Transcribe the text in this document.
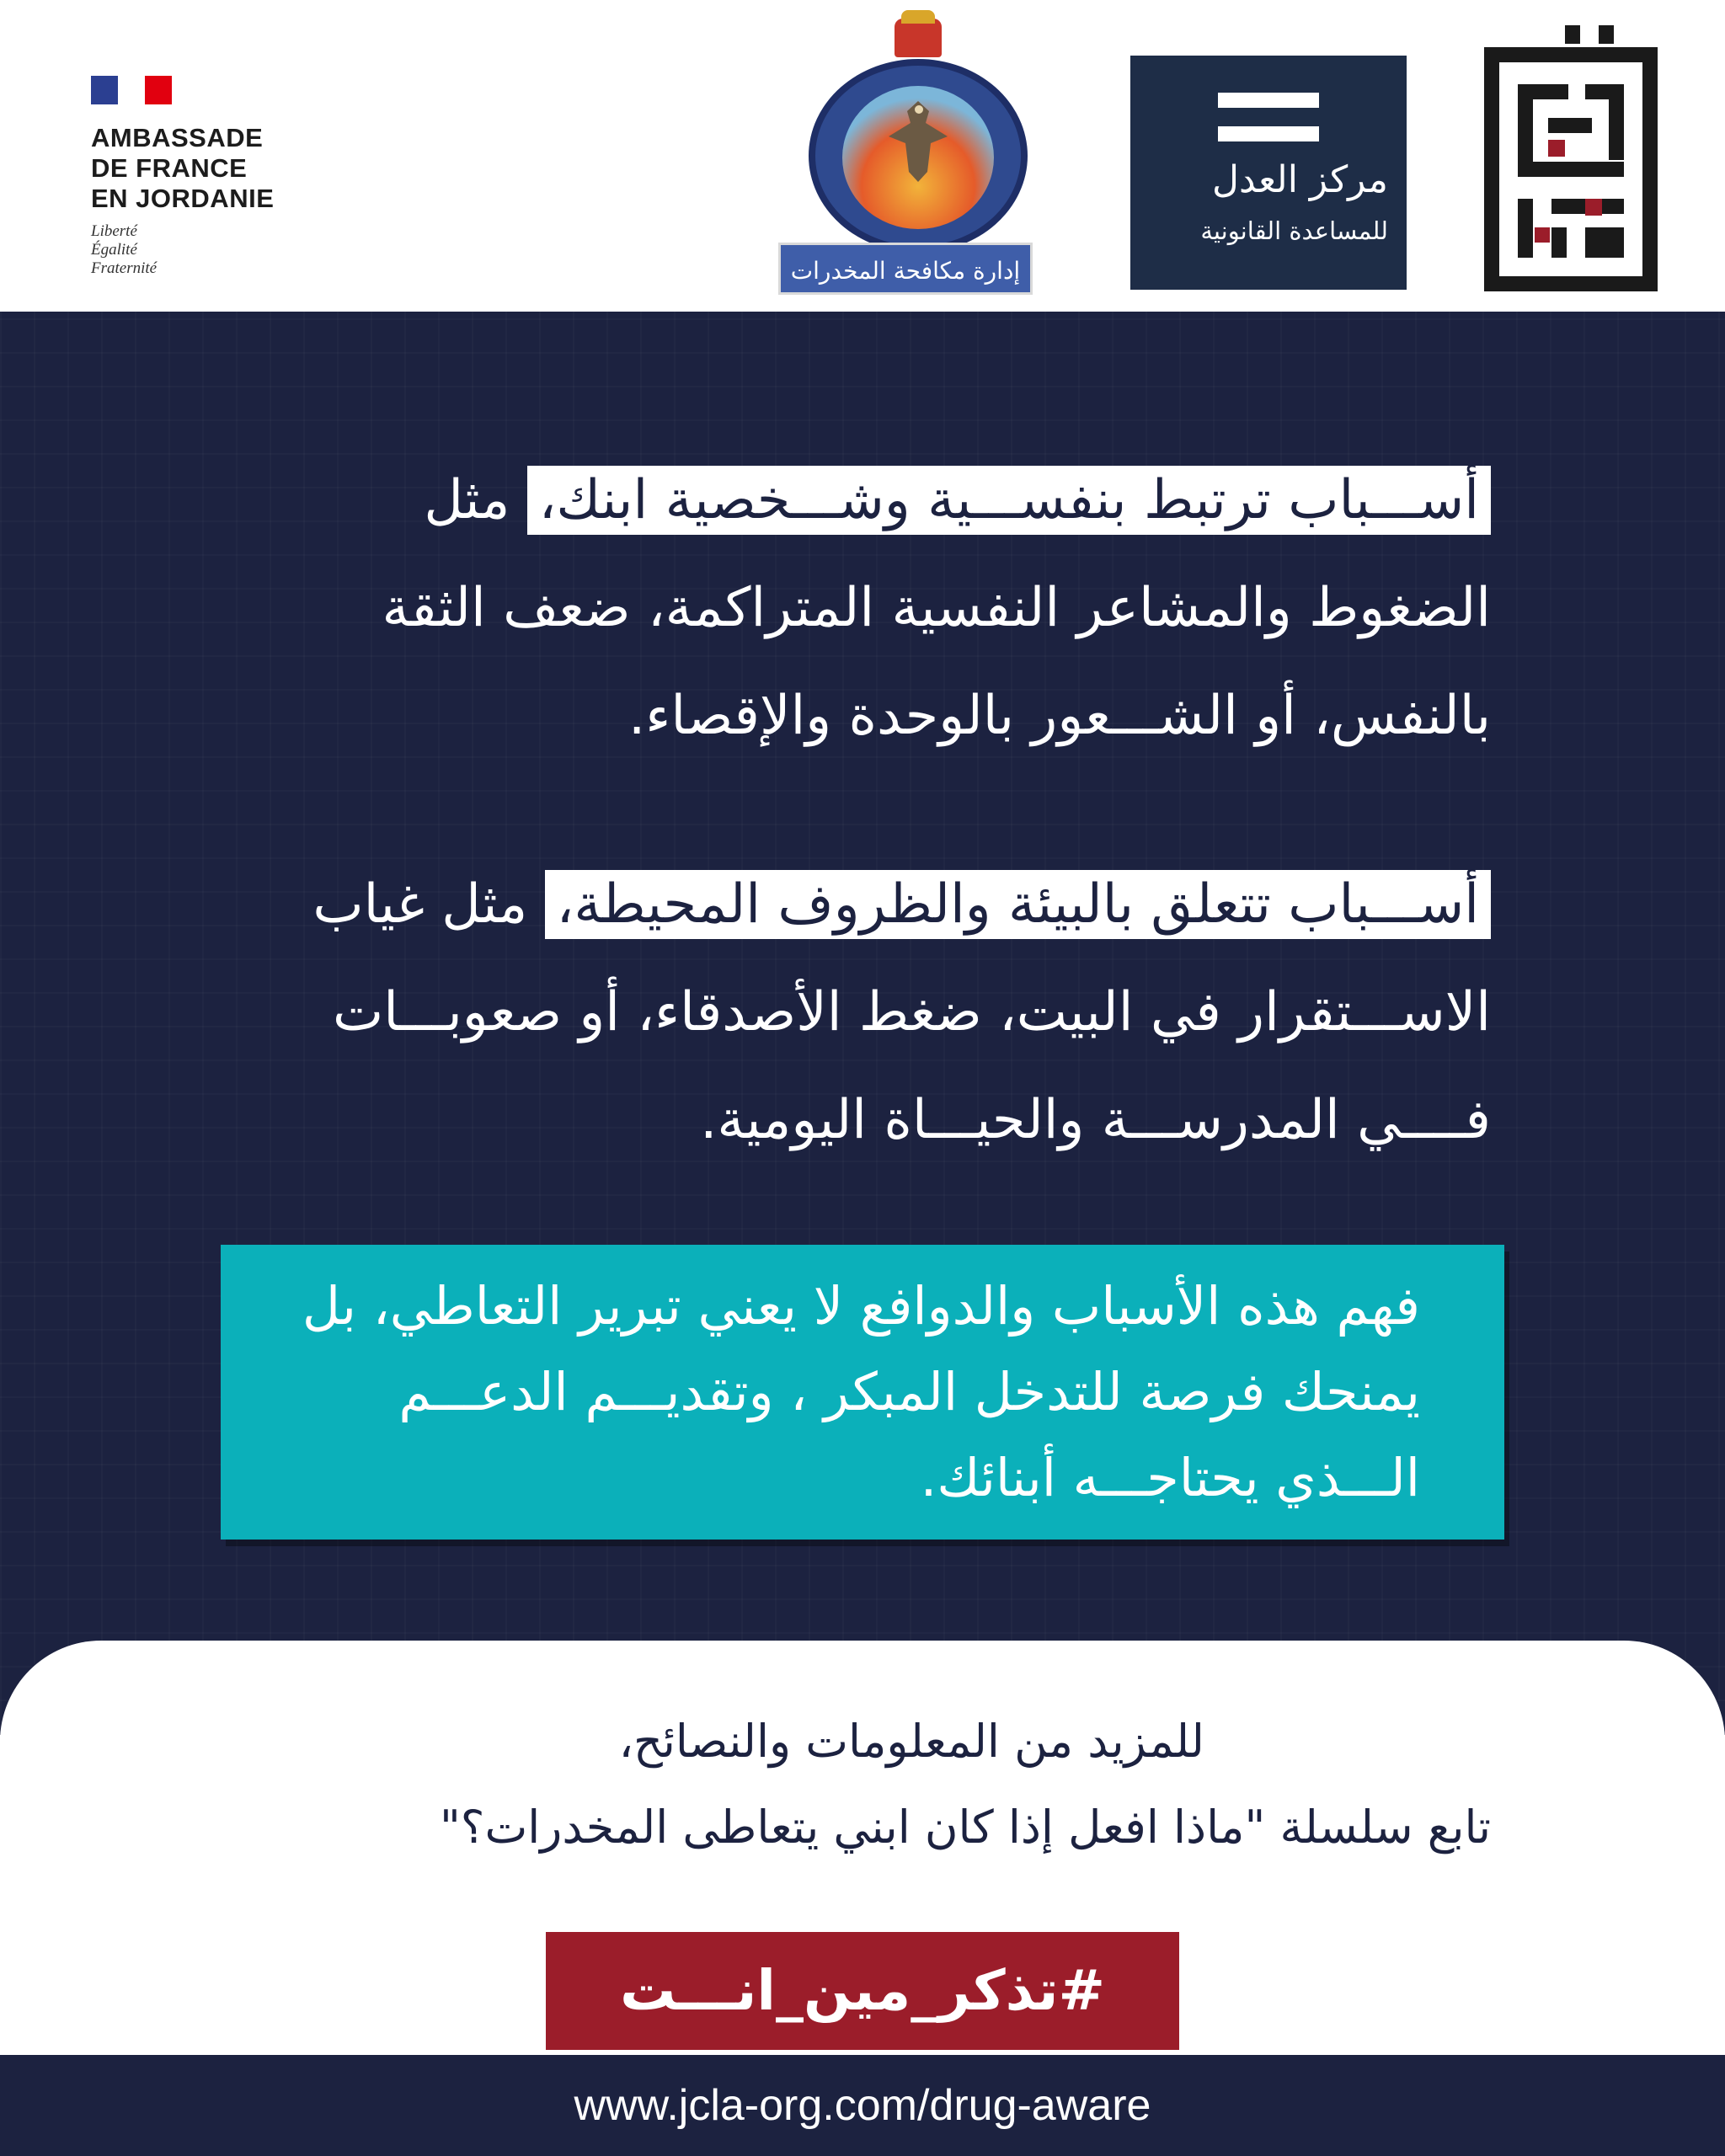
AMBASSADE
DE FRANCE
EN JORDANIE
Liberté
Égalité
Fraternité	إدارة مكافحة المخدرات
مركز العدل
للمساعدة القانونية
أســـباب ترتبط بنفســـية وشـــخصية ابنك، مثل الضغوط والمشاعر النفسية المتراكمة، ضعف الثقة بالنفس، أو الشـــعور بالوحدة والإقصاء.
أســـباب تتعلق بالبيئة والظروف المحيطة، مثل غياب الاســـتقرار في البيت، ضغط الأصدقاء، أو صعوبـــات فــــي المدرســـة والحيـــاة اليومية.
فهم هذه الأسباب والدوافع لا يعني تبرير التعاطي، بل يمنحك فرصة للتدخل المبكر ، وتقديـــم الدعـــم الـــذي يحتاجـــه أبنائك.
للمزيد من المعلومات والنصائح،
تابع سلسلة "ماذا افعل إذا كان ابني يتعاطى المخدرات؟"
#تذكر_مين_انـــت
www.jcla-org.com/drug-aware
